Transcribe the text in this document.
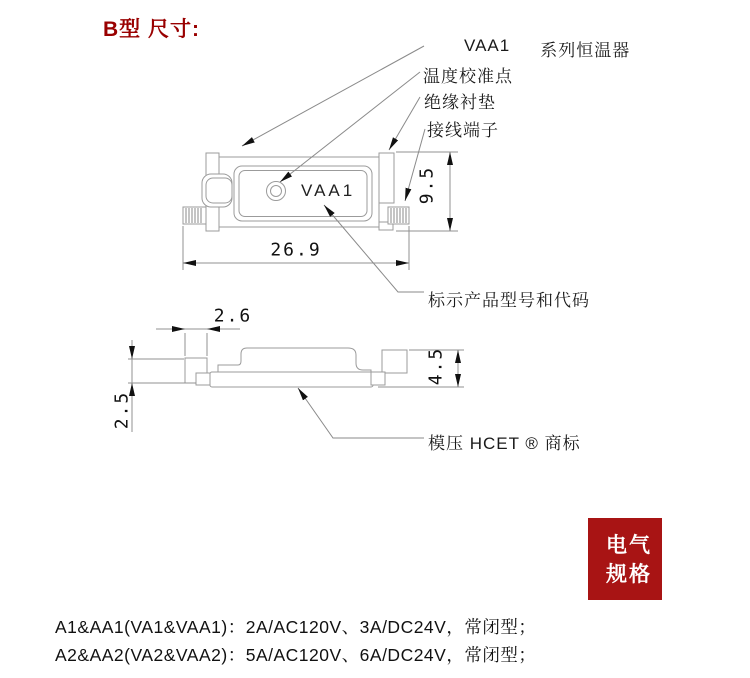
B型 尺寸:
VAA1 系列恒温器
温度校准点
绝缘衬垫
接线端子
标示产品型号和代码
模压 HCET ® 商标
VAA1
26.9
9.5
2.6
2.5
4.5
电气
规格
A1&AA1(VA1&VAA1)：2A/AC120V、3A/DC24V，常闭型；
A2&AA2(VA2&VAA2)：5A/AC120V、6A/DC24V，常闭型；
